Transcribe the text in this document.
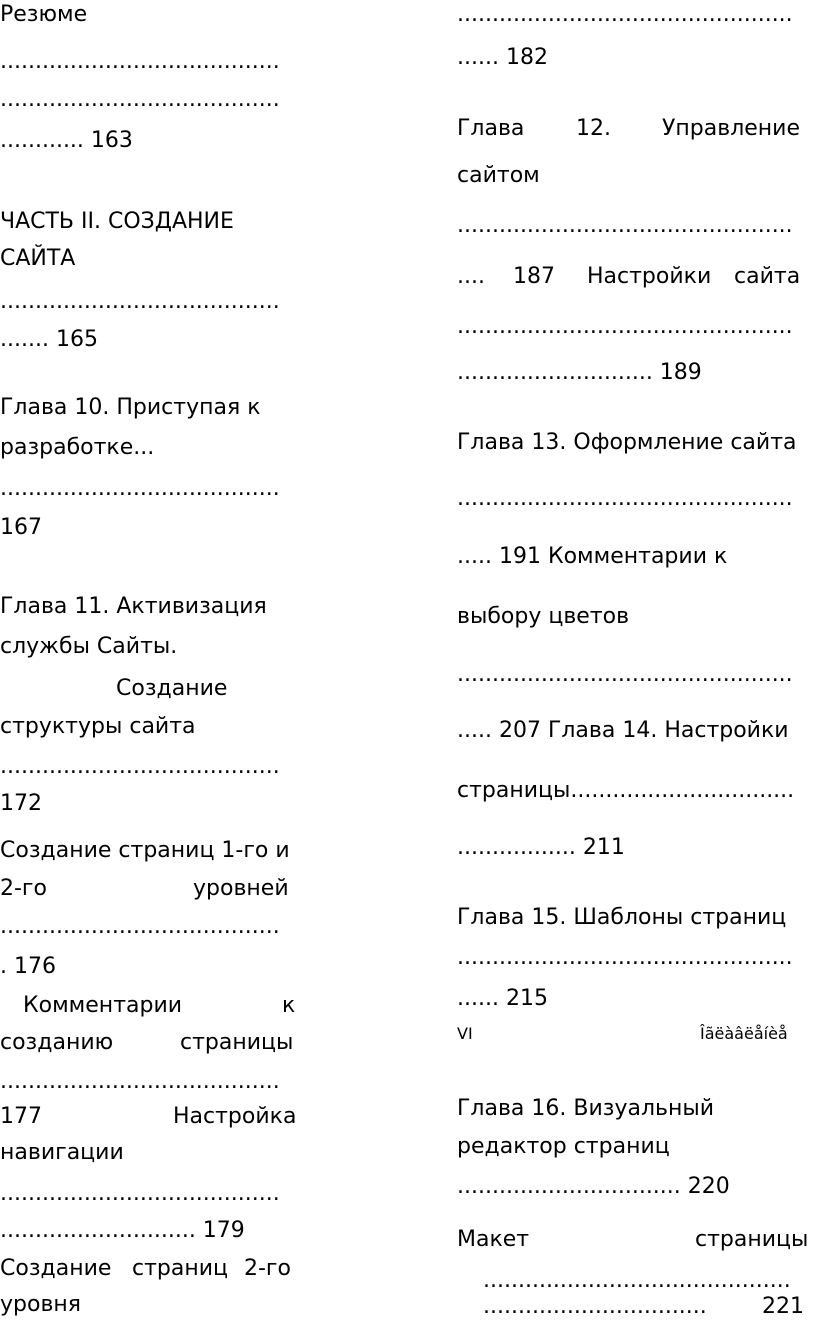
Резюме
........................................
........................................
............ 163
ЧАСТЬ II. СОЗДАНИЕ
САЙТА
........................................
....... 165
Глава 10. Приступая к
разработке...
........................................
167
Глава 11. Активизация
службы Сайты.
Создание
структуры сайта
........................................
172
Создание страниц 1-го и
2-го	уровней
........................................
. 176
Комментарии	к
созданию	страницы
........................................
177	Настройка
навигации
........................................
............................ 179
Создание страниц 2-го
уровня
................................................
...... 182
Глава 12. Управление
сайтом
................................................
.... 187 Настройки сайта
................................................
............................ 189
Глава 13. Оформление сайта
................................................
..... 191 Комментарии к
выбору цветов
................................................
..... 207 Глава 14. Настройки
страницы................................
................. 211
Глава 15. Шаблоны страниц
................................................
...... 215
VI	Îãëàâëåíèå
Глава 16. Визуальный
редактор страниц
................................ 220
Макет	страницы
............................................
................................	221
